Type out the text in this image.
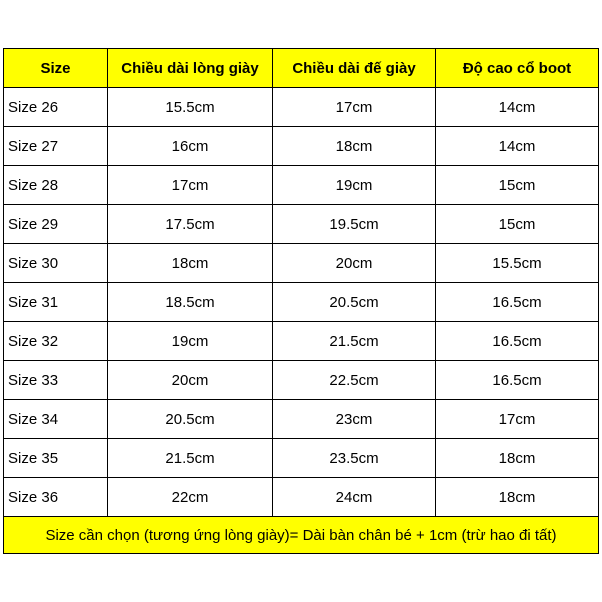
Size	Chiều dài lòng giày	Chiều dài đế giày	Độ cao cổ boot
Size 26	15.5cm	17cm	14cm
Size 27	16cm	18cm	14cm
Size 28	17cm	19cm	15cm
Size 29	17.5cm	19.5cm	15cm
Size 30	18cm	20cm	15.5cm
Size 31	18.5cm	20.5cm	16.5cm
Size 32	19cm	21.5cm	16.5cm
Size 33	20cm	22.5cm	16.5cm
Size 34	20.5cm	23cm	17cm
Size 35	21.5cm	23.5cm	18cm
Size 36	22cm	24cm	18cm
Size cần chọn (tương ứng lòng giày)= Dài bàn chân bé + 1cm (trừ hao đi tất)			
